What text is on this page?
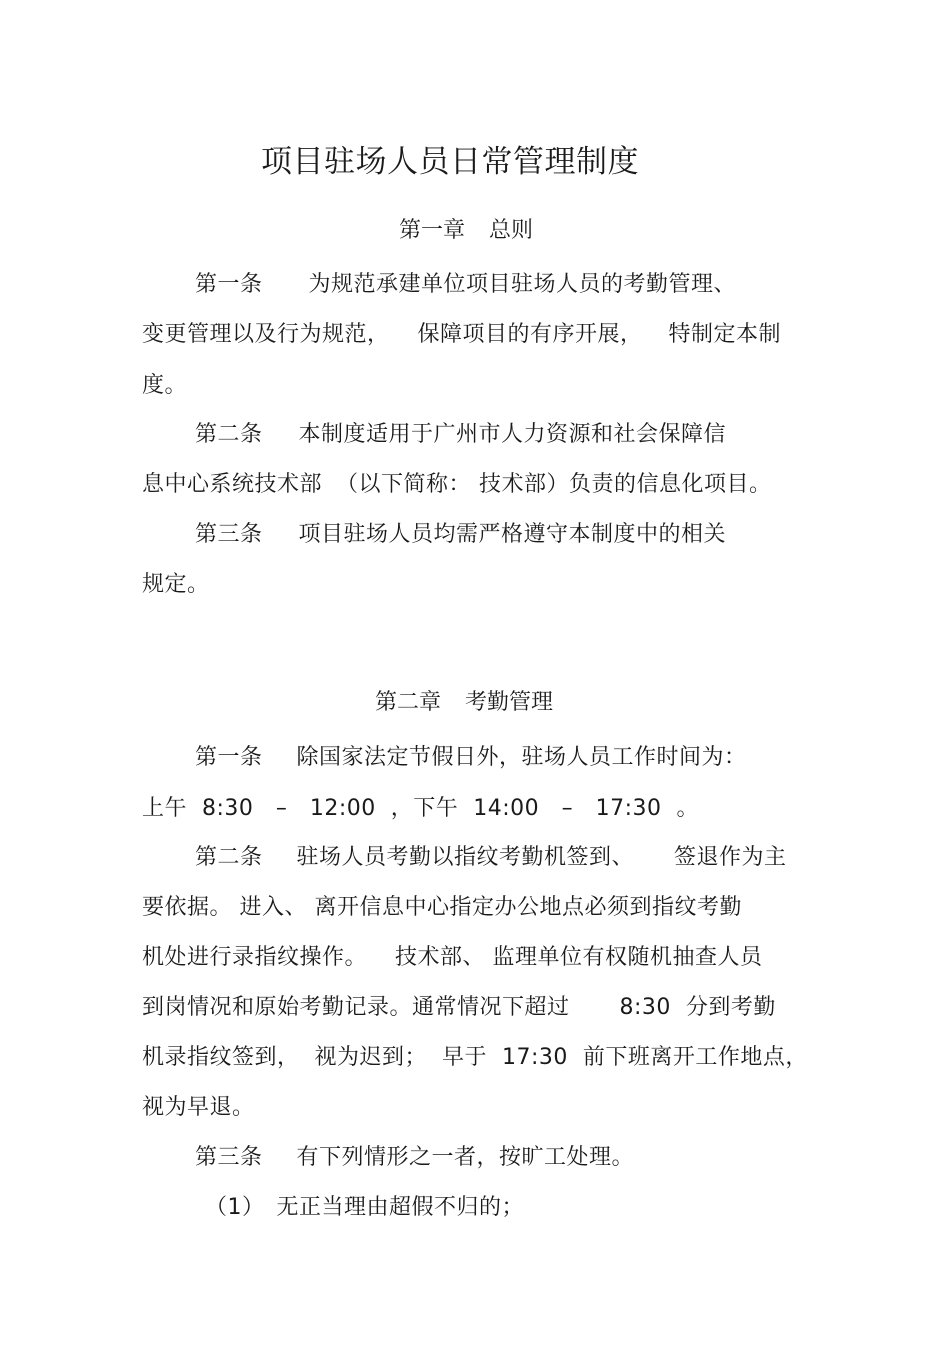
项目驻场人员日常管理制度
第一章 总则
第一条 为规范承建单位项目驻场人员的考勤管理、
变更管理以及行为规范， 保障项目的有序开展， 特制定本制
度。
第二条 本制度适用于广州市人力资源和社会保障信
息中心系统技术部 （以下简称： 技术部）负责的信息化项目。
第三条 项目驻场人员均需严格遵守本制度中的相关
规定。
第二章 考勤管理
第一条 除国家法定节假日外，驻场人员工作时间为：
上午  8:30   –   12:00  ，下午  14:00   –   17:30  。
第二条 驻场人员考勤以指纹考勤机签到、 签退作为主
要依据。 进入、 离开信息中心指定办公地点必须到指纹考勤
机处进行录指纹操作。 技术部、 监理单位有权随机抽查人员
到岗情况和原始考勤记录。通常情况下超过 8:30  分到考勤
机录指纹签到，  视为迟到；  早于  17:30  前下班离开工作地点，
视为早退。
第三条 有下列情形之一者，按旷工处理。
（1） 无正当理由超假不归的；
